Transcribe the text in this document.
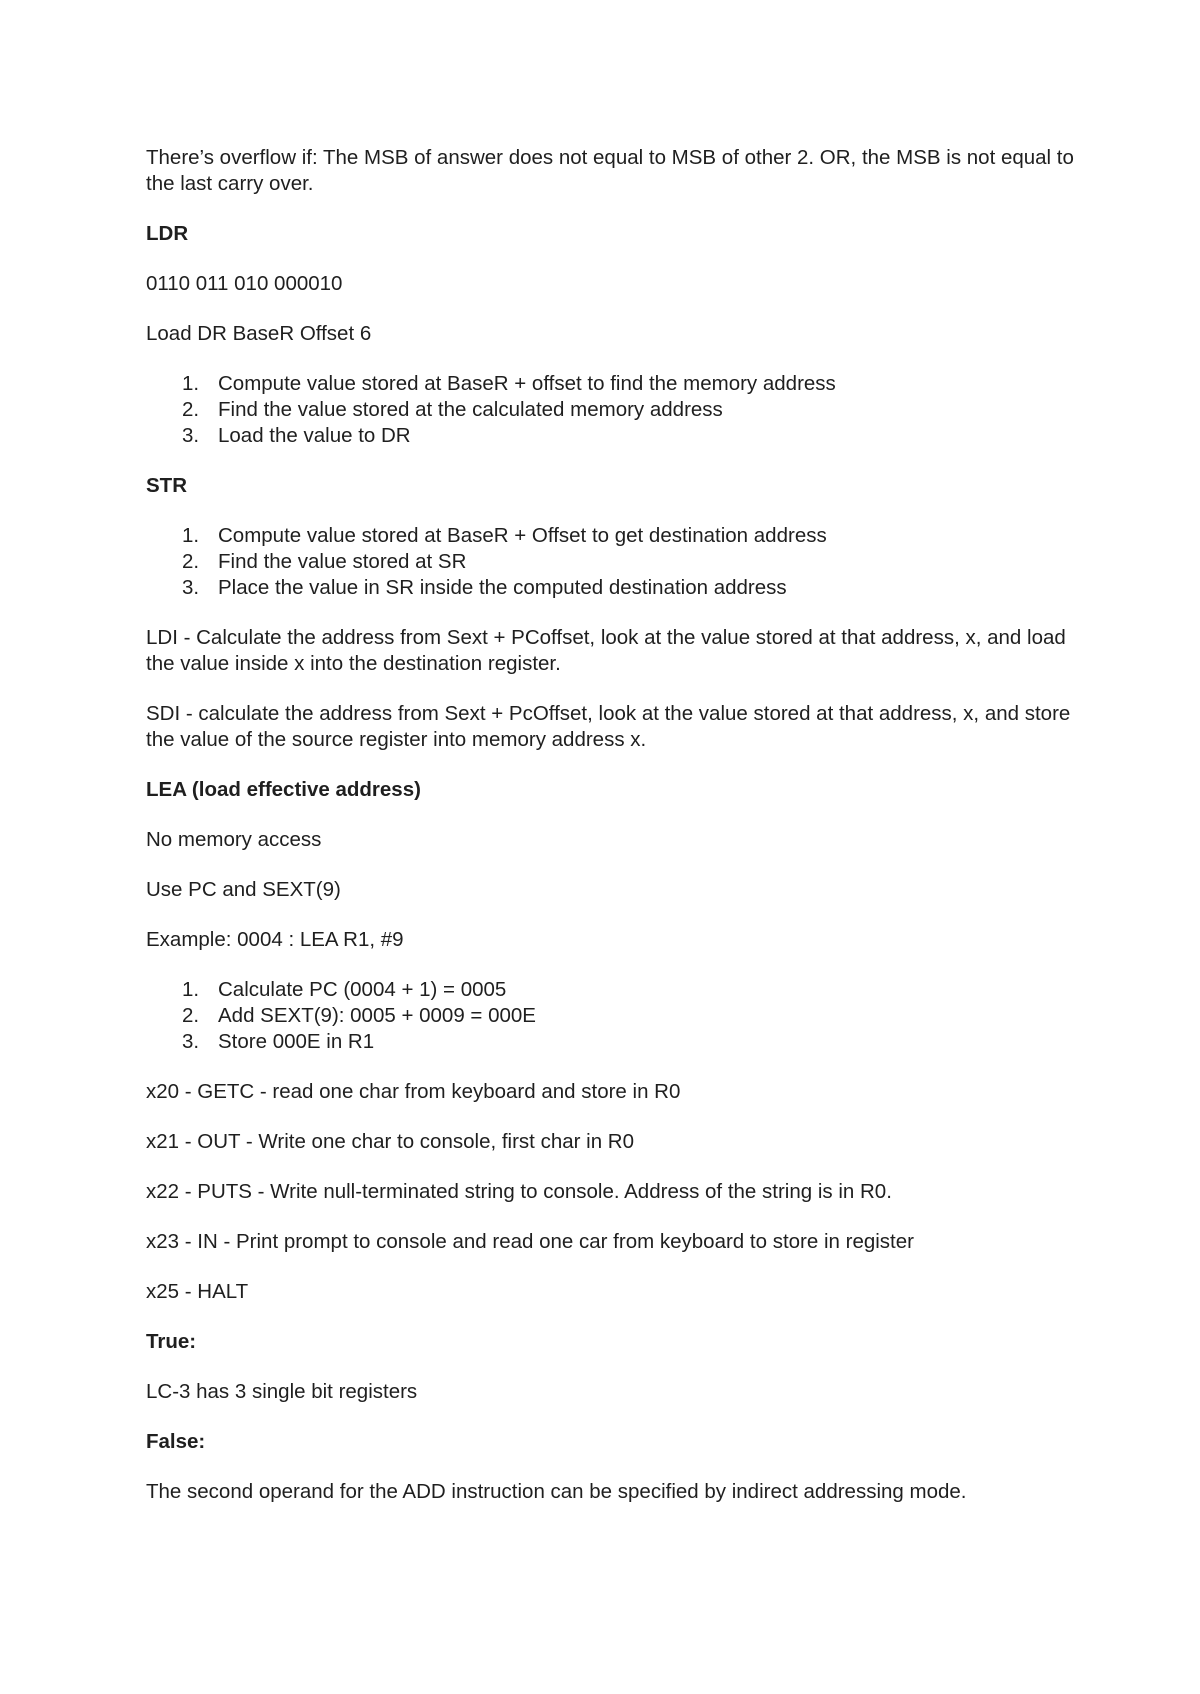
There’s overflow if: The MSB of answer does not equal to MSB of other 2. OR, the MSB is not equal to the last carry over.

LDR

0110 011 010 000010

Load DR BaseR Offset 6

1. Compute value stored at BaseR + offset to find the memory address
2. Find the value stored at the calculated memory address
3. Load the value to DR

STR

1. Compute value stored at BaseR + Offset to get destination address
2. Find the value stored at SR
3. Place the value in SR inside the computed destination address

LDI - Calculate the address from Sext + PCoffset, look at the value stored at that address, x, and load the value inside x into the destination register.

SDI - calculate the address from Sext + PcOffset, look at the value stored at that address, x, and store the value of the source register into memory address x.

LEA (load effective address)

No memory access

Use PC and SEXT(9)

Example: 0004 : LEA R1, #9

1. Calculate PC (0004 + 1) = 0005
2. Add SEXT(9): 0005 + 0009 = 000E
3. Store 000E in R1

x20 - GETC - read one char from keyboard and store in R0

x21 - OUT - Write one char to console, first char in R0

x22 - PUTS - Write null-terminated string to console. Address of the string is in R0.

x23 - IN - Print prompt to console and read one car from keyboard to store in register

x25 - HALT

True:

LC-3 has 3 single bit registers

False:

The second operand for the ADD instruction can be specified by indirect addressing mode.
